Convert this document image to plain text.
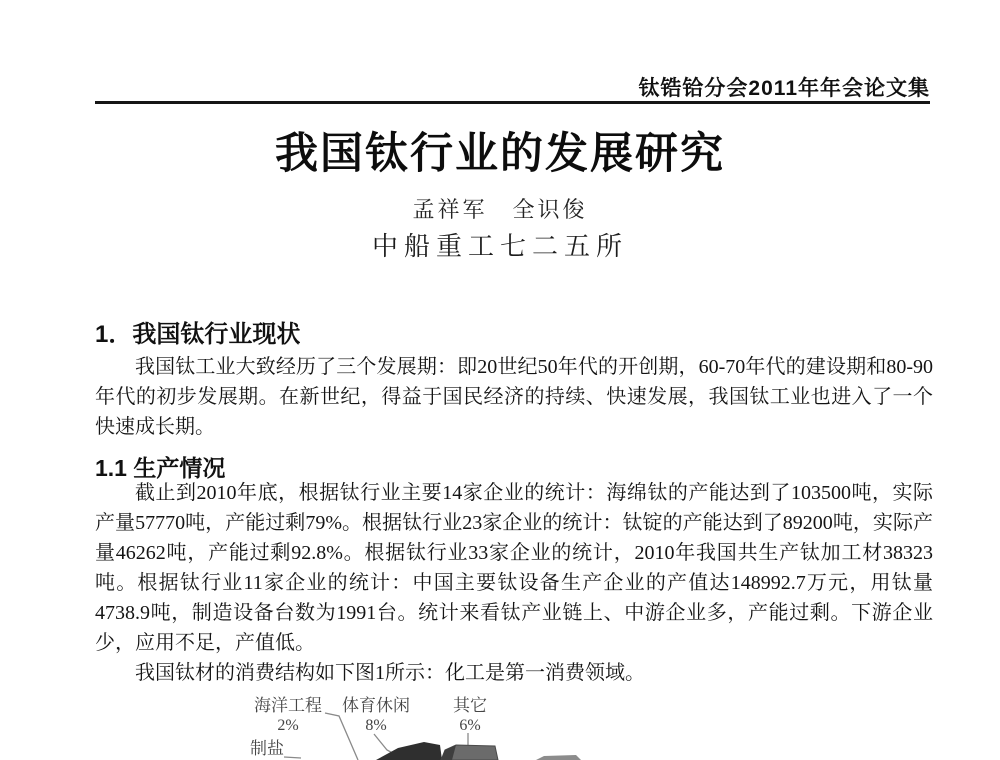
钛锆铪分会2011年年会论文集
我国钛行业的发展研究
孟祥军　全识俊
中船重工七二五所
1．我国钛行业现状

我国钛工业大致经历了三个发展期：即20世纪50年代的开创期，60-70年代的建设期和80-90年代的初步发展期。在新世纪，得益于国民经济的持续、快速发展，我国钛工业也进入了一个快速成长期。

1.1 生产情况

截止到2010年底，根据钛行业主要14家企业的统计：海绵钛的产能达到了103500吨，实际产量57770吨，产能过剩79%。根据钛行业23家企业的统计：钛锭的产能达到了89200吨，实际产量46262吨，产能过剩92.8%。根据钛行业33家企业的统计，2010年我国共生产钛加工材38323吨。根据钛行业11家企业的统计：中国主要钛设备生产企业的产值达148992.7万元，用钛量4738.9吨，制造设备台数为1991台。统计来看钛产业链上、中游企业多，产能过剩。下游企业少，应用不足，产值低。

我国钛材的消费结构如下图1所示：化工是第一消费领域。

海洋工程
2%
体育休闲
8%
其它
6%
制盐
